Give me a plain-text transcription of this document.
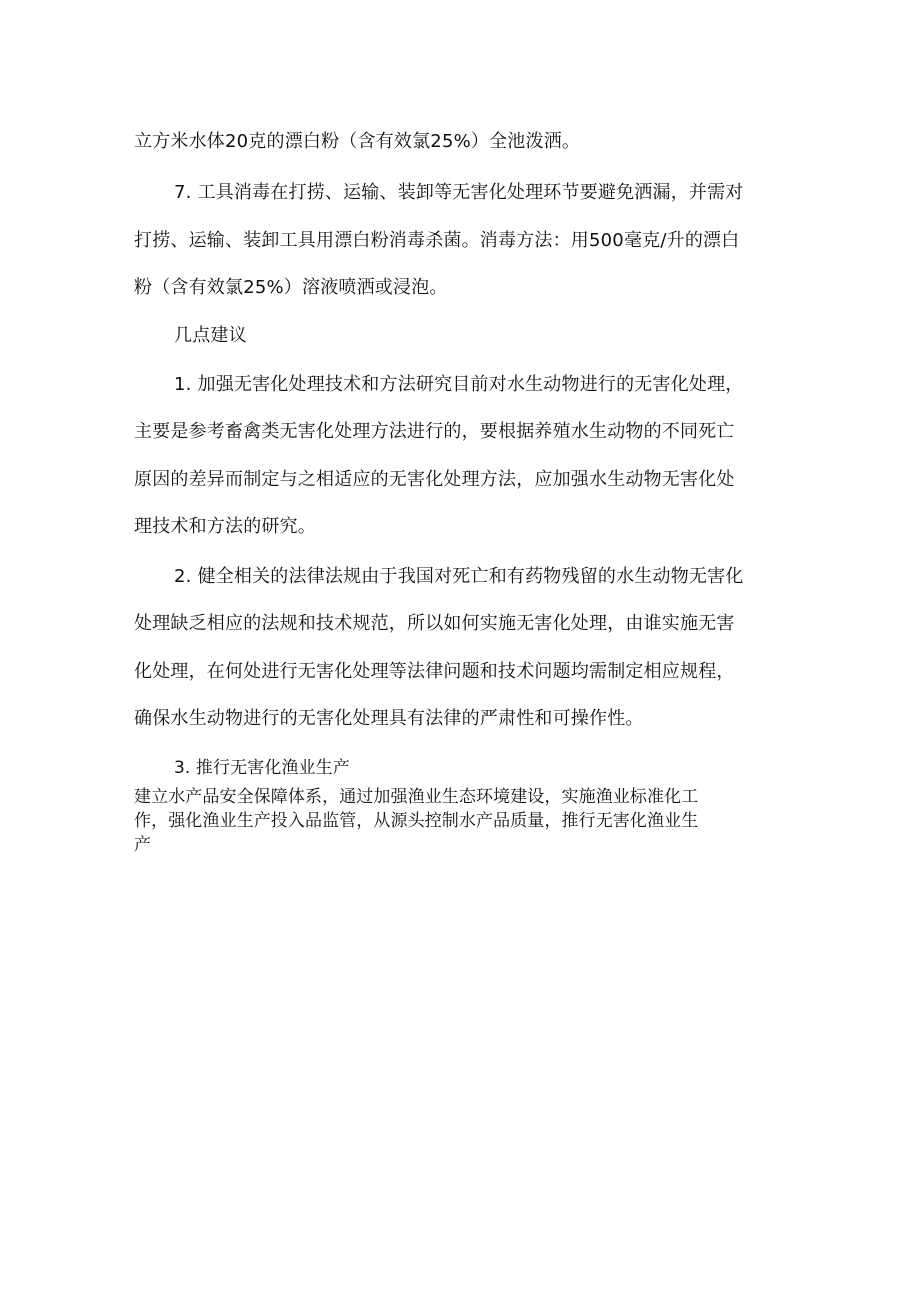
立方米水体20克的漂白粉（含有效氯25%）全池泼洒。
7. 工具消毒在打捞、运输、装卸等无害化处理环节要避免洒漏，并需对
打捞、运输、装卸工具用漂白粉消毒杀菌。消毒方法：用500毫克/升的漂白
粉（含有效氯25%）溶液喷洒或浸泡。
几点建议
1. 加强无害化处理技术和方法研究目前对水生动物进行的无害化处理，
主要是参考畜禽类无害化处理方法进行的，要根据养殖水生动物的不同死亡
原因的差异而制定与之相适应的无害化处理方法，应加强水生动物无害化处
理技术和方法的研究。
2. 健全相关的法律法规由于我国对死亡和有药物残留的水生动物无害化
处理缺乏相应的法规和技术规范，所以如何实施无害化处理，由谁实施无害
化处理，在何处进行无害化处理等法律问题和技术问题均需制定相应规程，
确保水生动物进行的无害化处理具有法律的严肃性和可操作性。
3. 推行无害化渔业生产
建立水产品安全保障体系，通过加强渔业生态环境建设，实施渔业标准化工
作，强化渔业生产投入品监管，从源头控制水产品质量，推行无害化渔业生
产
